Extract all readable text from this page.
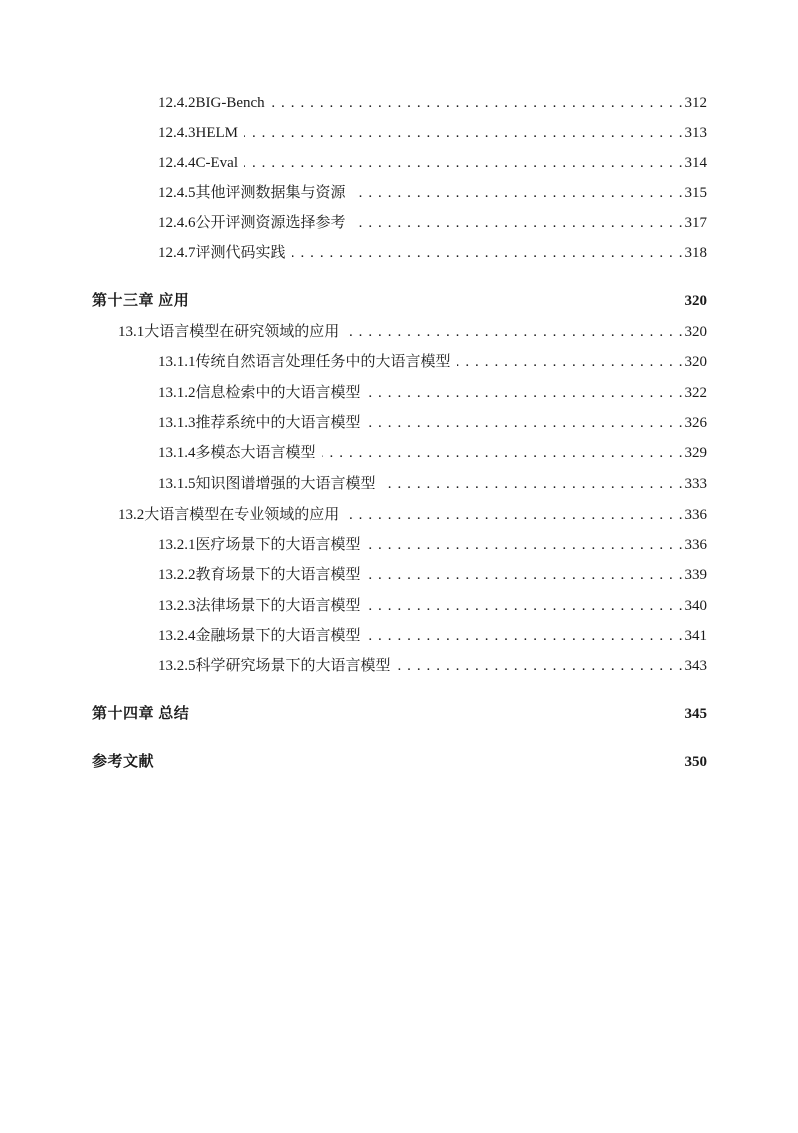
12.4.2 BIG-Bench . . .	312
12.4.3 HELM . . .	313
12.4.4 C-Eval . . .	314
12.4.5 其他评测数据集与资源 . . .	315
12.4.6 公开评测资源选择参考 . . .	317
12.4.7 评测代码实践 . . .	318
第十三章 应用	320
13.1 大语言模型在研究领域的应用 . . .	320
13.1.1 传统自然语言处理任务中的大语言模型 . . .	320
13.1.2 信息检索中的大语言模型 . . .	322
13.1.3 推荐系统中的大语言模型 . . .	326
13.1.4 多模态大语言模型 . . .	329
13.1.5 知识图谱增强的大语言模型 . . .	333
13.2 大语言模型在专业领域的应用 . . .	336
13.2.1 医疗场景下的大语言模型 . . .	336
13.2.2 教育场景下的大语言模型 . . .	339
13.2.3 法律场景下的大语言模型 . . .	340
13.2.4 金融场景下的大语言模型 . . .	341
13.2.5 科学研究场景下的大语言模型 . . .	343
第十四章 总结	345
参考文献	350
